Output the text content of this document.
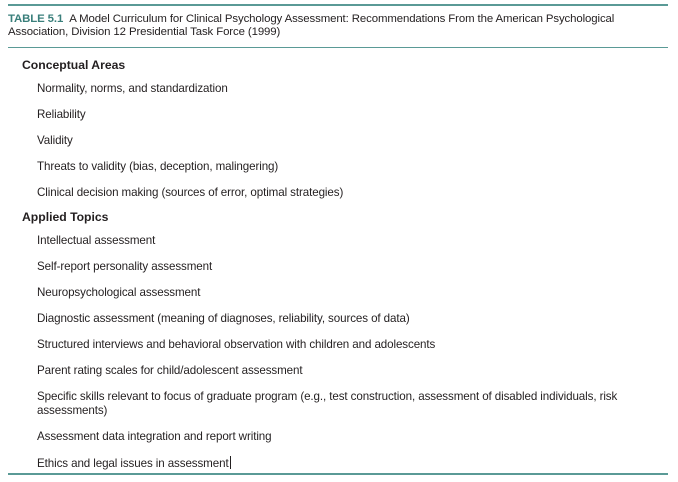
TABLE 5.1 A Model Curriculum for Clinical Psychology Assessment: Recommendations From the American Psychological Association, Division 12 Presidential Task Force (1999)
Conceptual Areas
Normality, norms, and standardization
Reliability
Validity
Threats to validity (bias, deception, malingering)
Clinical decision making (sources of error, optimal strategies)
Applied Topics
Intellectual assessment
Self-report personality assessment
Neuropsychological assessment
Diagnostic assessment (meaning of diagnoses, reliability, sources of data)
Structured interviews and behavioral observation with children and adolescents
Parent rating scales for child/adolescent assessment
Specific skills relevant to focus of graduate program (e.g., test construction, assessment of disabled individuals, risk assessments)
Assessment data integration and report writing
Ethics and legal issues in assessment
